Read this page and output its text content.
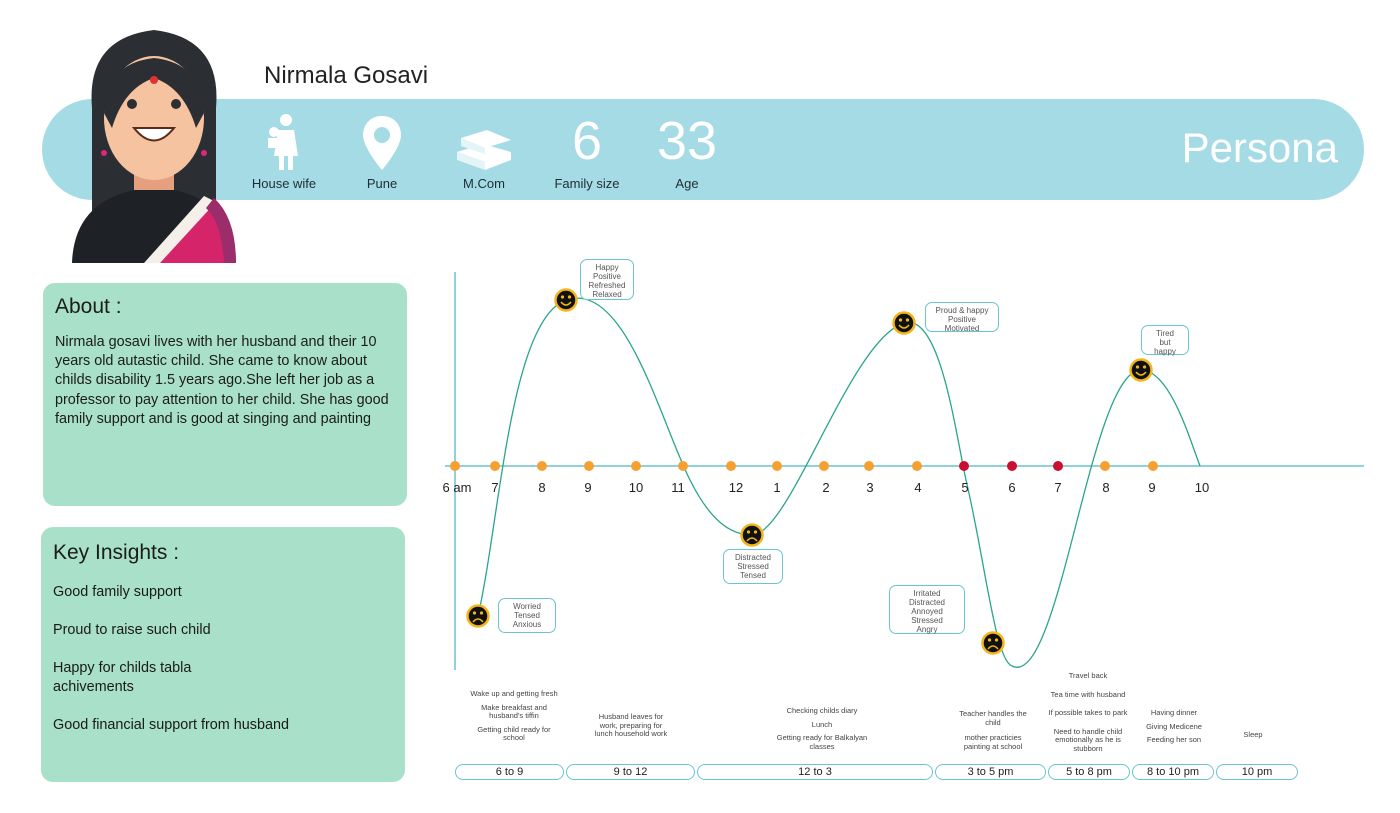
Nirmala Gosavi
Persona
House wife	Pune	M.Com
6
Family size
33
Age
About :

Nirmala gosavi lives with her husband and their 10 years old autastic child. She came to know about childs disability 1.5 years ago.She left her job as a professor to pay attention to her child. She has good family support and is good at singing and painting

Key Insights :
Good family support
Proud to raise such child
Happy for childs tabla achivements
Good financial support from husband
Worried
Tensed
Anxious
Happy
Positive
Refreshed
Relaxed
Distracted
Stressed
Tensed
Proud & happy
Positive
Motivated
Irritated
Distracted
Annoyed
Stressed
Angry
Tired
but
happy
6 am 7	8	9	10 11	12 1	2	3	4	5	6	7	8	9	10
Wake up and getting fresh
Make breakfast and husband's tiffin
Getting child ready for school
Husband leaves for work, preparing for lunch household work
Checking childs diary
Lunch
Getting ready for Balkalyan classes
Teacher handles the child
mother practicies painting at school
Travel back
Tea time with husband
If possible takes to park
Need to handle child emotionally as he is stubborn
Having dinner
Giving Medicene
Feeding her son
Sleep
6 to 9	9 to 12	12 to 3	3 to 5 pm	5 to 8 pm	8 to 10 pm	10 pm
